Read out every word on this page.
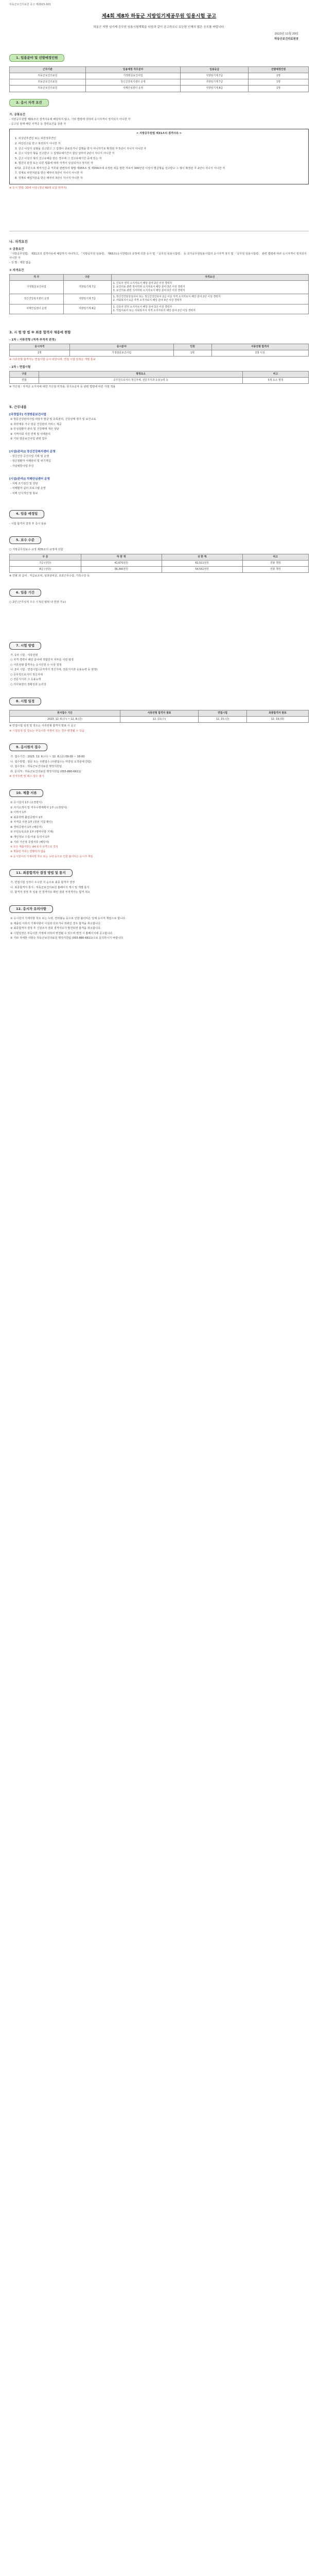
하동군보건의료원 공고 제2023-163
제4회 제8차 하동군 지방임기제공무원 임용시험 공고
하동군 지방 임기제 공무원 임용시험계획을 다음과 같이 공고하오니 유능한 인재의 많은 응모를 바랍니다.
2023년 11월 29일
하동군보건의료원장
1. 임용분야 및 선발예정인원
근무기관	임용예정 직무분야	임용등급	선발예정인원
하동군보건의료원	가정방문보건사업	지방임기제 7급	1명
하동군보건의료원	정신건강복지센터 운영	지방임기제 7급	1명
하동군보건의료원	치매안심센터 운영	지방임기제 8급	1명
2. 응시 자격 요건
가. 공통요건

- 지방공무원법 제31조의 결격사유에 해당하지 않고, 기타 법령에 의하여 응시자격이 정지되지 아니한 자

- 공고일 현재 해당 자격증 등 경력요건을 갖춘 자

< 지방공무원법 제31조의 결격사유 >
1. 피성년후견인 또는 피한정후견인
2. 파산선고를 받고 복권되지 아니한 자
3. 금고 이상의 실형을 선고받고 그 집행이 종료되거나 집행을 받지 아니하기로 확정된 후 5년이 지나지 아니한 자
4. 금고 이상의 형을 선고받고 그 집행유예기간이 끝난 날부터 2년이 지나지 아니한 자
5. 금고 이상의 형의 선고유예를 받은 경우에 그 선고유예기간 중에 있는 자
6. 법원의 판결 또는 다른 법률에 따라 자격이 상실되거나 정지된 자
6의2. 공무원으로 재직기간 중 직무와 관련하여 형법 제355조 및 제356조에 규정된 죄를 범한 자로서 300만원 이상의 벌금형을 선고받고 그 형이 확정된 후 2년이 지나지 아니한 자
7. 징계로 파면처분을 받은 때부터 5년이 지나지 아니한 자
8. 징계로 해임처분을 받은 때부터 3년이 지나지 아니한 자

※ 응시 연령: 20세 이상 (정년 60세 도달 전까지)

나. 자격요건
① 공통요건

「지방공무원법」 제31조의 결격사유에 해당하지 아니하고, 「지방공무원 임용령」 제65조(응시연령)의 규정에 의한 응시 및 「공무원 임용시험령」 등 국가공무원임용시험의 응시자격 정지 및 「공무원 임용시험령」 관련 법령에 따라 응시자격이 정지되지 아니한 자

- 성 별 : 제한 없음

② 자격요건
직 무	구분	자격요건
가정방문보건사업	지방임기제 7급	1. 간호사 면허 소지자로서 해당 분야 2년 이상 경력자
2. 보건의료 관련 학사학위 소지자로서 해당 분야 3년 이상 경력자
3. 보건의료 관련 석사학위 소지자로서 해당 분야 1년 이상 경력자
정신건강복지센터 운영	지방임기제 7급	1. 정신건강임상심리사 또는 정신건강간호사 2급 이상 자격 소지자로서 해당 분야 2년 이상 경력자
2. 사회복지사 1급 자격 소지자로서 해당 분야 3년 이상 경력자
치매안심센터 운영	지방임기제 8급	1. 간호사 면허 소지자로서 해당 분야 1년 이상 경력자
2. 작업치료사 또는 사회복지사 자격 소지자로서 해당 분야 2년 이상 경력자
3. 시 험 방 법 ※ 최종 합격자 채용에 한함
- 1차 : 서류전형 (적격·부적격 판정)
응시자격	응시분야	인원	서류전형 합격자
1명	가정방문보건사업	1명	1명 이상

※ 서류전형 합격자는 면접시험 응시 대상이며, 면접 시험 일정은 개별 통보

- 2차 : 면접시험
구분	평정요소	비고
면접	공무원으로서의 정신자세, 전문지식과 응용능력 등	5개 요소 평정

※ 가산점 : 자격증 소지자에 대한 가산점 미적용, 국가유공자 등 관련 법령에 따른 가점 적용

5. 근무내용
[국정업무] 가정방문보건사업
① 방문건강관리사업 대상자 발굴 및 등록관리, 건강상태 평가 및 보건교육
② 취약계층 가구 방문 건강관리 서비스 제공
③ 만성질환자 관리 및 건강행태 개선 상담
④ 지역사회 자원 연계 및 사례관리
⑤ 기타 방문보건사업 관련 업무
[시설(관리)] 정신건강복지센터 운영
- 정신건강 증진사업 기획 및 운영
- 정신질환자 사례관리 및 위기개입
- 자살예방사업 추진
[시설(관리)] 치매안심센터 운영
- 치매 조기검진 및 상담
- 치매환자 쉼터 프로그램 운영
- 치매 인식개선 및 홍보
4. 임용 예정일

- 시험 합격자 결정 후 즉시 임용

5. 보수 수준

○ 지방공무원보수 규정 제35조의 규정에 의함

구 분	하 한 액	상 한 액	비고
7급 (상당)	41,670천원	62,511천원	연봉 책정
8급 (상당)	36,390천원	54,551천원	연봉 책정

※ 연봉 외 급여 : 직급보조비, 성과상여금, 초과근무수당, 가족수당 등

6. 임용 기간

○ 2년 (근무성적 우수 시 5년 범위 내 연장 가능)

7. 시험 방법
가. 1차 시험 : 서류전형
○ 자격·경력이 해당 분야에 적합한지 여부를 서면 평정
○ 서류전형 합격자는 응시인원 수 이상 결정
나. 2차 시험 : 면접시험 (공직자의 정신자세, 전문지식과 응용능력 등 평정)
○ 공무원으로서의 정신자세
○ 전문지식과 그 응용능력
○ 의사표현의 정확성과 논리성
8. 시험 일정
원서접수 기간	서류전형 합격자 발표	면접시험	최종합격자 발표
2023. 12. 6.(수) ~ 12. 8.(금)	12. 13.(수)	12. 15.(금)	12. 19.(화)

※ 면접시험 일정 및 장소는 서류전형 합격자 발표 시 공고

※ 시험일정 및 장소는 부득이한 사정이 있는 경우 변경될 수 있음

9. 응시원서 접수
가. 접수기간 : 2023. 12. 6.(수) ~ 12. 8.(금) 09:00 ~ 18:00
나. 접수방법 : 방문 또는 우편접수 (우편접수는 마감일 도착분에 한함)
다. 접수장소 : 하동군보건의료원 행정지원팀
라. 문의처 : 하동군보건의료원 행정지원팀 (055-880-6611)

※ 전자우편 및 팩스 접수 불가

10. 제출 서류
① 응시원서 1부 (소정양식)
② 자기소개서 및 직무수행계획서 1부 (소정양식)
③ 이력서 1부
④ 최종학력 졸업증명서 1부
⑤ 자격증 사본 1부 (원본 지참 확인)
⑥ 경력증명서 1부 (해당자)
⑦ 주민등록초본 1부 (병역사항 기재)
⑧ 개인정보 수집·이용 동의서 1부
⑨ 기타 가산점 증빙서류 (해당자)
※ 모든 제출서류는 A4 용지 규격으로 작성
※ 제출된 서류는 반환하지 않음
※ 응시원서의 기재사항 착오 또는 누락 등으로 인한 불이익은 응시자 책임
11. 최종합격자 결정 방법 및 통지
가. 면접시험 성적이 우수한 자 순으로 최종 합격자 결정
나. 최종합격자 통지 : 하동군보건의료원 홈페이지 게시 및 개별 통지
다. 합격자 결정 후 임용 전 결격사유 확인 결과 부적격자는 합격 취소
12. 응시자 유의사항
① 응시원서 기재사항 착오 또는 누락, 연락불능 등으로 인한 불이익은 일체 응시자 책임으로 합니다.
② 제출된 서류의 기재사항이 사실과 다르거나 허위인 경우 합격을 취소합니다.
③ 최종합격자 결정 후 신원조사 결과 결격사유가 발견되면 합격을 취소합니다.
④ 시험일정은 부득이한 사정에 의하여 변경될 수 있으며 변경 시 홈페이지에 공고합니다.
⑤ 기타 자세한 사항은 하동군보건의료원 행정지원팀 (055-880-6611)으로 문의하시기 바랍니다.
